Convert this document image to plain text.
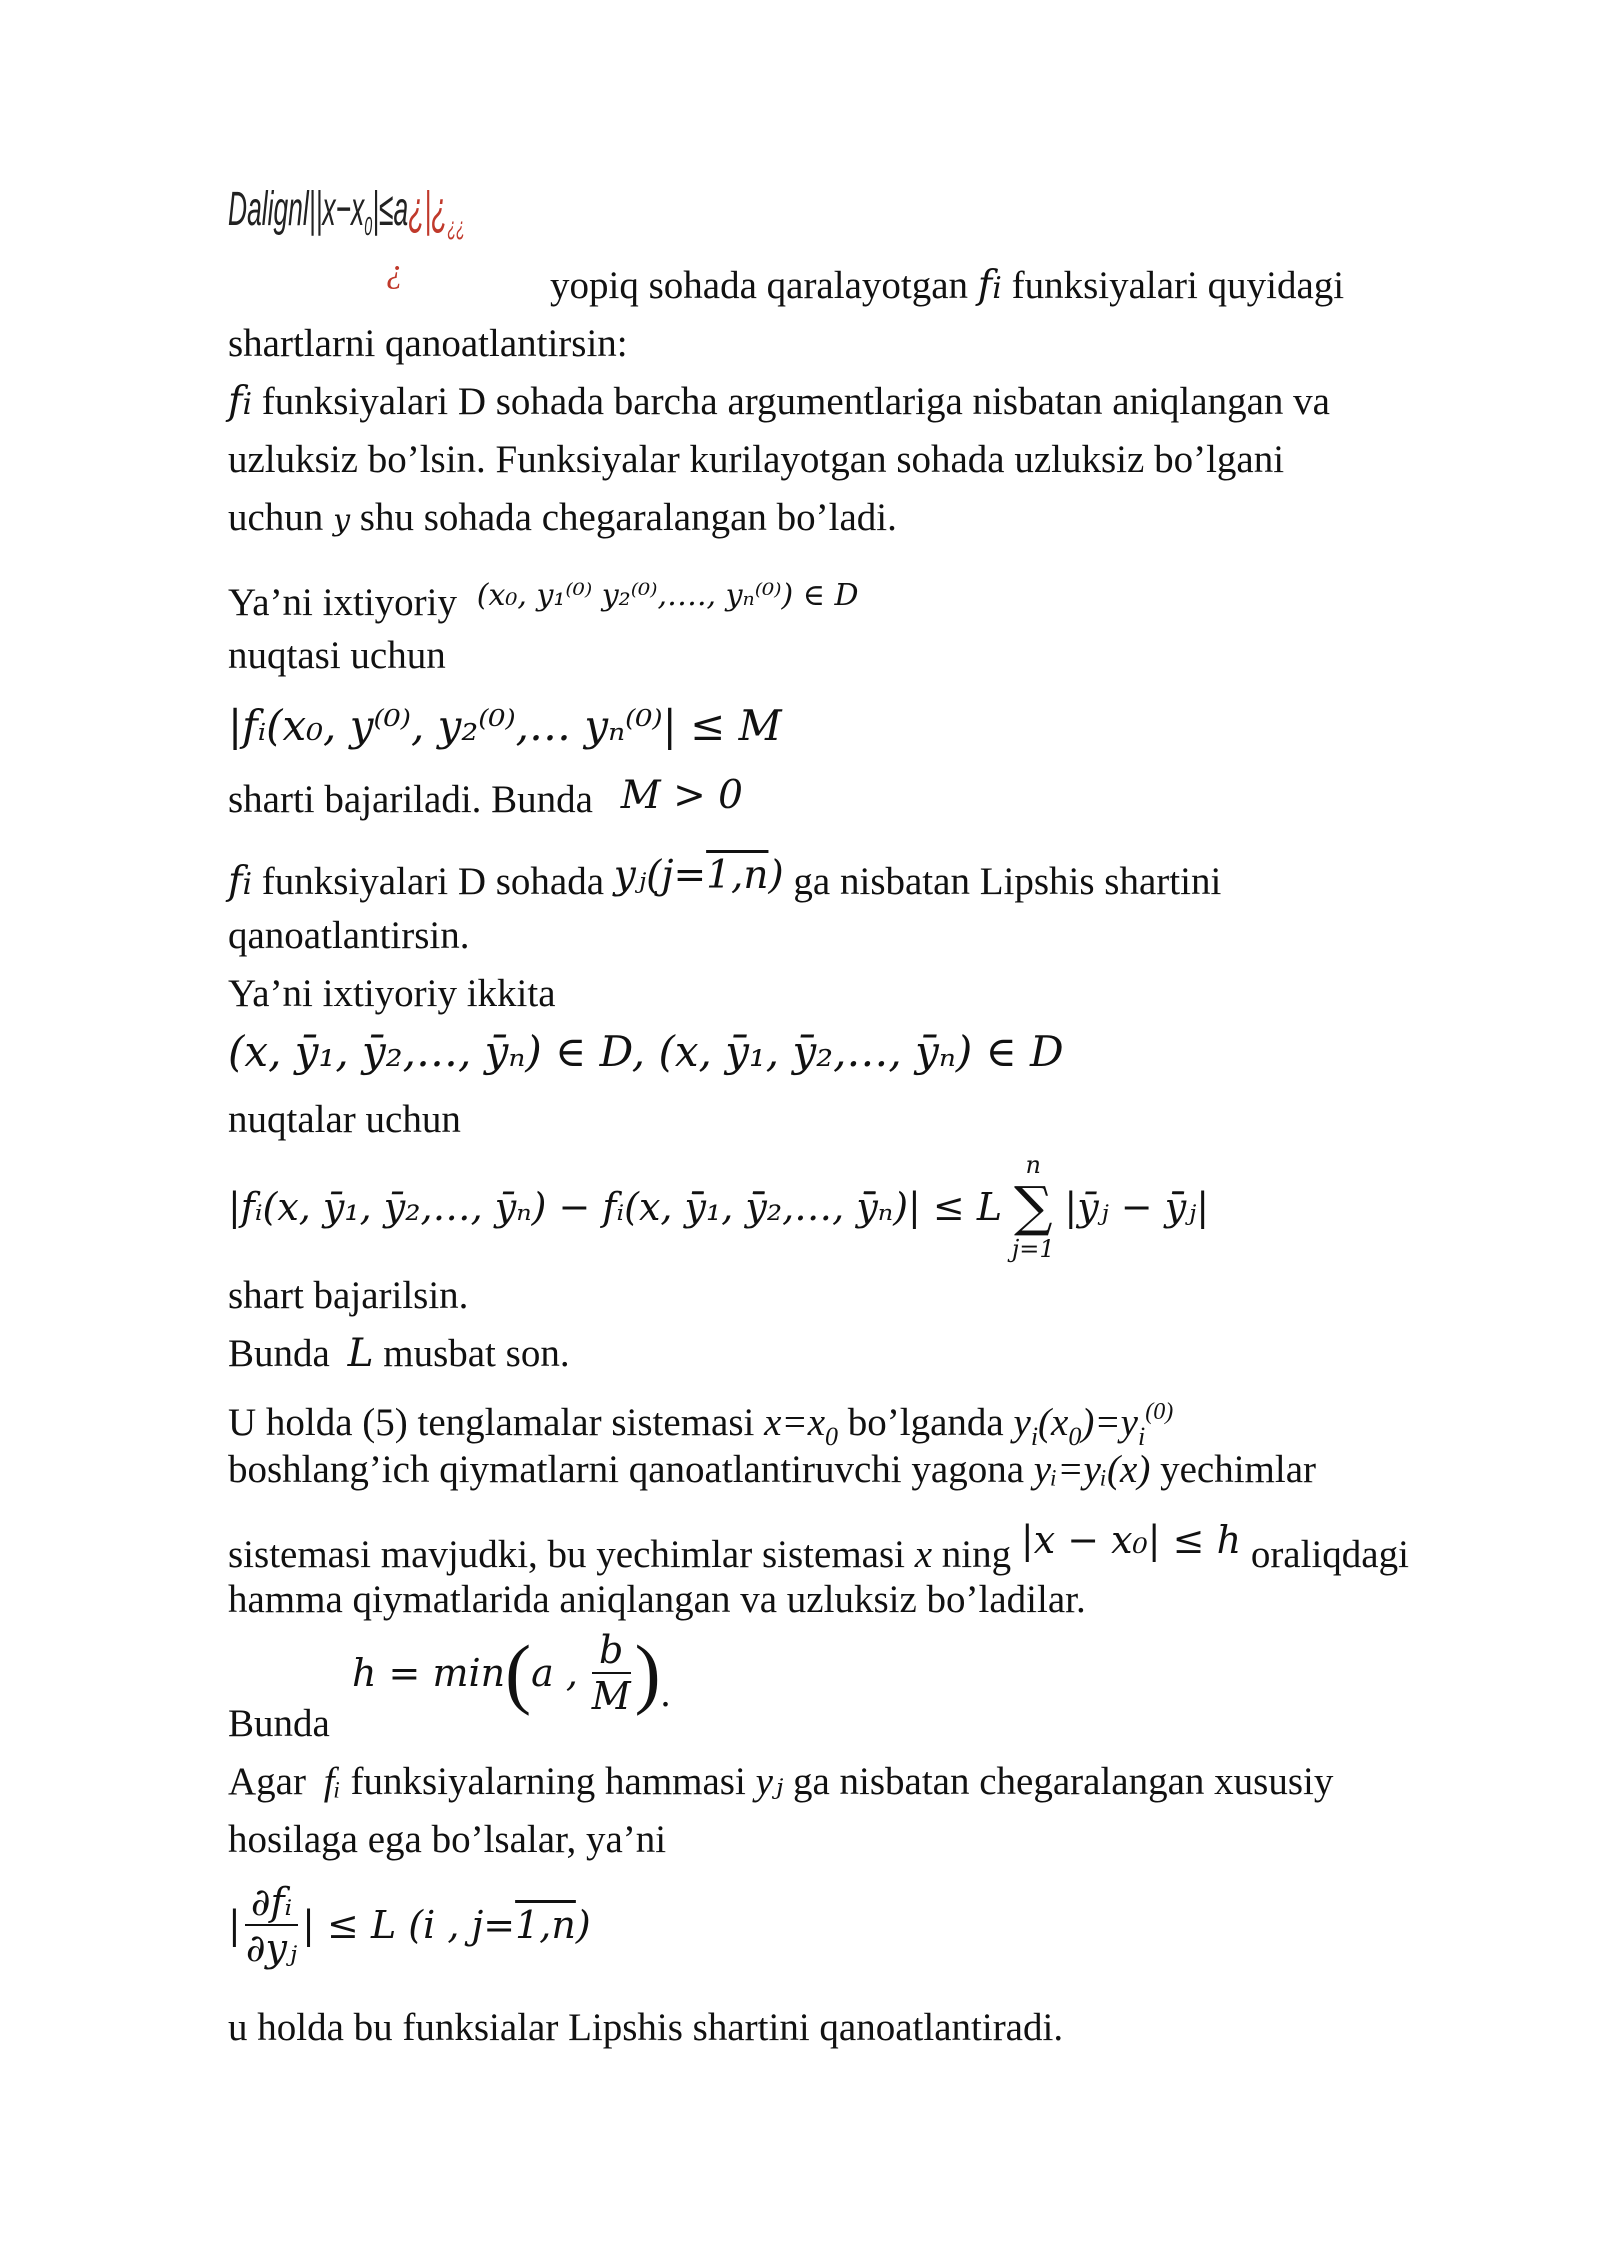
$Dalignl||x-x_0|\le a¿|¿_{¿¿}$
¿	yopiq sohada qaralayotgan fi funksiyalari quyidagi
shartlarni qanoatlantirsin:
fi funksiyalari D sohada barcha argumentlariga nisbatan aniqlangan va
uzluksiz bo’lsin. Funksiyalar kurilayotgan sohada uzluksiz bo’lgani
uchun y shu sohada chegaralangan bo’ladi.
Ya’ni ixtiyoriy $^{(x_0, y_1^{(0)} y_2^{(0)},\dots., y_n^{(0)}) \in D}$
nuqtasi uchun
|fᵢ(x₀, y⁽⁰⁾, y₂⁽⁰⁾,… yₙ⁽⁰⁾| ≤ M
sharti bajariladi. Bunda M > 0
fi funksiyalari D sohada yⱼ(j=1,n) ga nisbatan Lipshis shartini
qanoatlantirsin.
Ya’ni ixtiyoriy ikkita
(x, ȳ₁, ȳ₂,…, ȳₙ) ∈ D, (x, ȳ̄₁, ȳ̄₂,…, ȳ̄ₙ) ∈ D
nuqtalar uchun
|fᵢ(x, ȳ₁, ȳ₂,…, ȳₙ) − fᵢ(x, ȳ̄₁, ȳ̄₂,…, ȳ̄ₙ)| ≤ L
n
∑
j=1
|ȳⱼ − ȳ̄ⱼ|
shart bajarilsin.
Bunda L musbat son.
U holda (5) tenglamalar sistemasi $x=x_0$ bo’lganda $y_i(x_0)=y_i^{(0)}$
boshlang’ich qiymatlarni qanoatlantiruvchi yagona yᵢ=yᵢ(x) yechimlar
sistemasi mavjudki, bu yechimlar sistemasi x ning |x − x₀| ≤ h oraliqdagi
hamma qiymatlarida aniqlangan va uzluksiz bo’ladilar.
Bunda
h = min(a , $\frac{b}{M}$ ).
Agar fᵢ funksiyalarning hammasi yⱼ ga nisbatan chegaralangan xususiy
hosilaga ega bo’lsalar, ya’ni
| $\frac{\text{∂fᵢ}}{\text{∂yⱼ}}$ | ≤ L (i , j=1,n)
u holda bu funksialar Lipshis shartini qanoatlantiradi.
